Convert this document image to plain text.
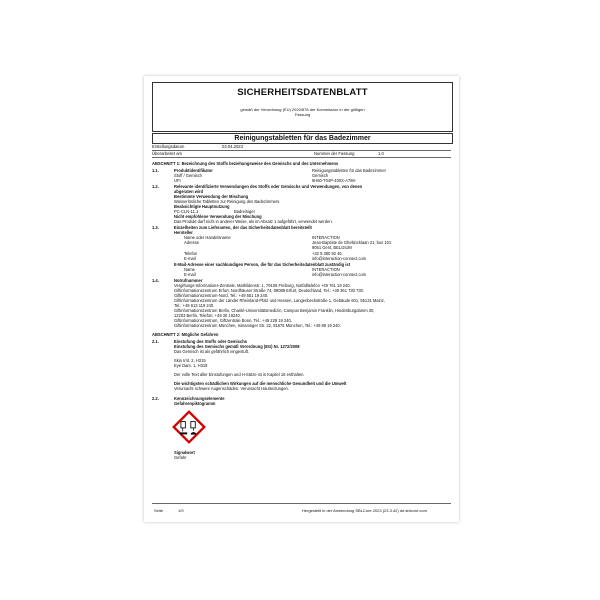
SICHERHEITSDATENBLATT
gemäß der Verordnung (EU) 2020/878 der Kommission in der gültigen
Fassung
Reinigungstabletten für das Badezimmer
Erstellungsdatum	03.04.2023
Überarbeitet am	Nummer der Fassung	1.0
ABSCHNITT 1: Bezeichnung des Stoffs beziehungsweise des Gemischs und des Unternehmens
1.1.	Produktidentifikator	Reinigungstabletten für das Badezimmer
Stoff / Gemisch	Gemisch
UFI	5H60-T04P-400X-A78H
1.2.	Relevante identifizierte Verwendungen des Stoffs oder Gemischs und Verwendungen, von denen
abgeraten wird
Bestimmte Verwendung der Mischung
Wasserlösliche Tabletten zur Reinigung des Badezimmers.
Beabsichtigte Hauptnutzung
PC-CLN-11.1	Badreiniger
Nicht empfohlene Verwendung der Mischung
Das Produkt darf nicht in anderer Weise, als im Absatz 1 aufgeführt, verwendet werden.
1.3.	Einzelheiten zum Lieferanten, der das Sicherheitsdatenblatt bereitstellt
Hersteller
Name oder Handelsname	INTERACTION
Adresse	Jean-Baptiste de Gheltincklaan 21; box 101
9051 Gent, BELGIUM
Telefon	+32 9 380 82 46
E-mail	info@interaction-connect.com
E-Mail-Adresse einer sachkundigen Person, die für das Sicherheitsdatenblatt zuständig ist
Name	INTERACTION
E-mail	info@interaction-connect.com
1.4.	Notrufnummer
Vergiftungs-Informations-Zentrale, Mathildenstr. 1, 79106 Freiburg, Notfalltelefon +49 761 19 240.
Giftinformationszentrum Erfurt, Nordhäuser Straße 74, 99089 Erfurt, Deutschland, Tel.: +49 361 730 730.
Giftinformationszentrum-Nord, Tel.: +49 551 19 240.
Giftinformationszentrum der Länder Rheinland-Pfalz und Hessen, Langenbeckstraße 1, Gebäude 601, 55131 Mainz,
Tel.: +49 613 119 240.
Giftinformationszentrum Berlin, Charité-Universitätsmedizin, Campus Benjamin Franklin, Hindenburgdamm 30,
12203 Berlin, Telefon: +49 30 19240.
Giftinformationszentrum, Giftzentrale Bonn, Tel.: +49 228 19 240.
Giftinformationszentrum München, Ismaninger Str. 22, 81675 München, Tel.: +49 89 19 240.
ABSCHNITT 2: Mögliche Gefahren
2.1.	Einstufung des Stoffs oder Gemischs
Einstufung des Gemischs gemäß Verordnung (EG) Nr. 1272/2008
Das Gemisch ist als gefährlich eingestuft.
Skin Irrit. 2, H315
Eye Dam. 1, H318
Der volle Text aller Einstufungen und H-Sätze ist in Kapitel 16 enthalten.
Die wichtigsten schädlichen Wirkungen auf die menschliche Gesundheit und die Umwelt
Verursacht schwere Augenschäden. Verursacht Hautreizungen.
2.2.	Kennzeichnungselemente
Gefahrenpiktogramm
Signalwort
Gefahr
Seite	1/9	Hergestellt in der Anwendung SBLCore 2023 (23.3.42) de.sblcore.com
